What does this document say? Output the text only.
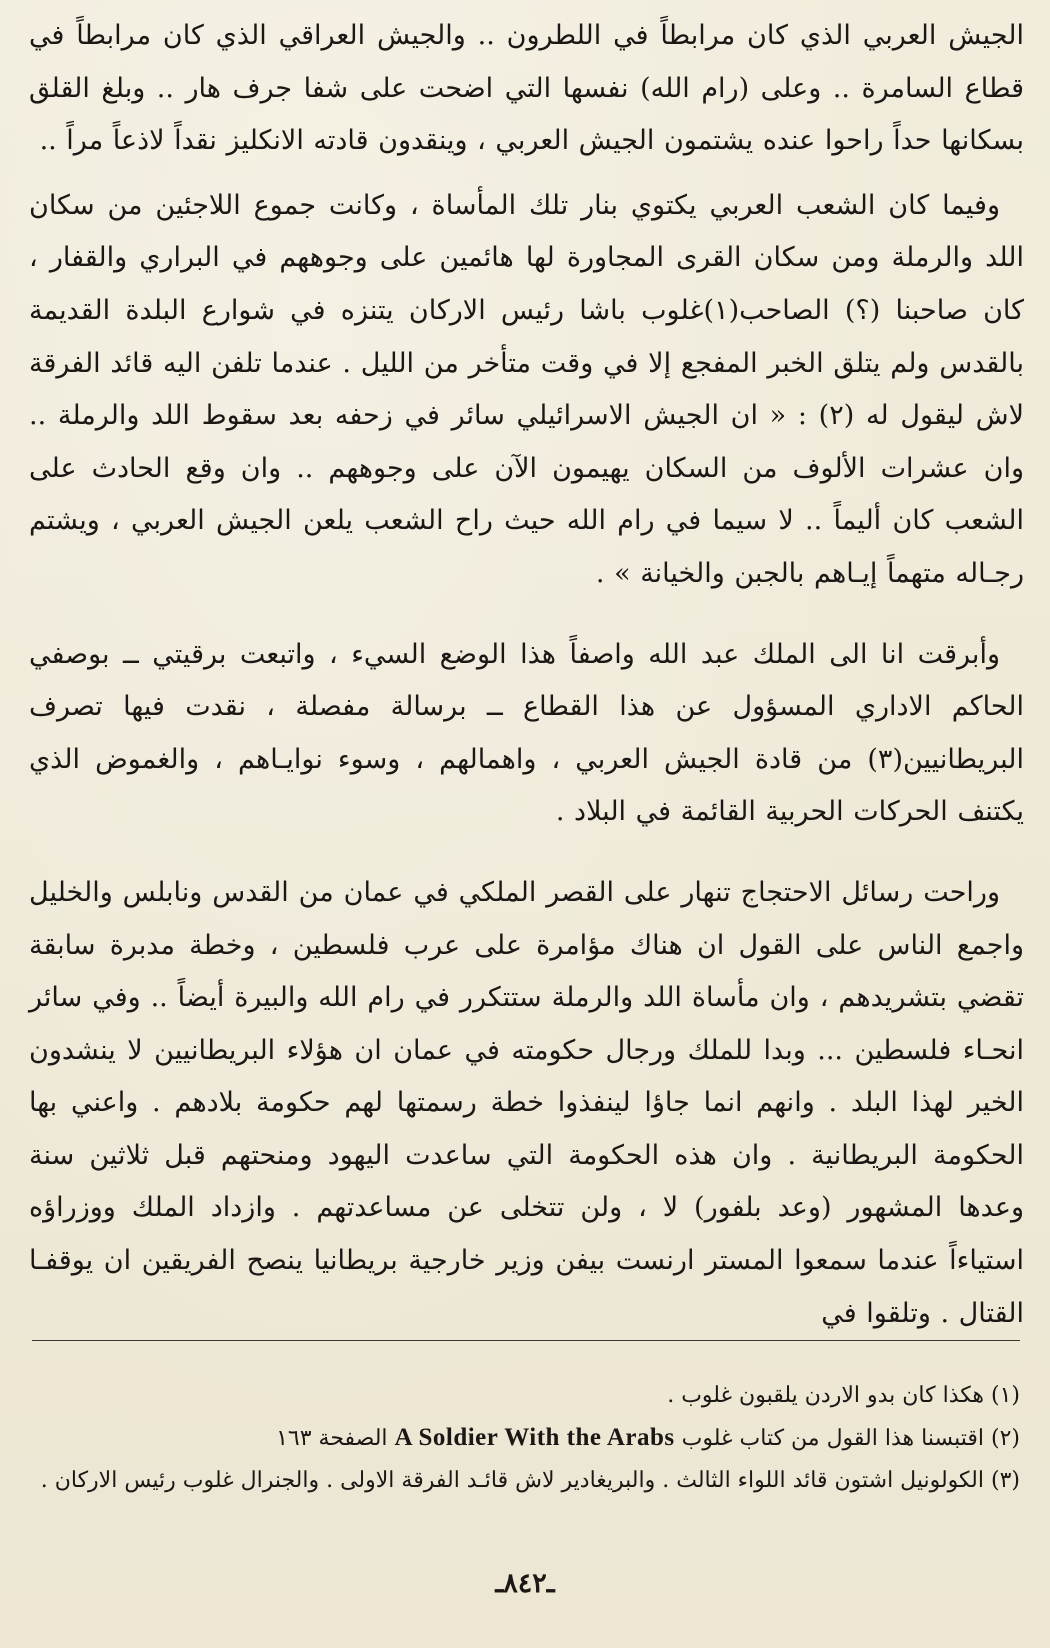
الجيش العربي الذي كان مرابطاً في اللطرون .. والجيش العراقي الذي كان مرابطاً في قطاع السامرة .. وعلى (رام الله) نفسها التي اضحت على شفا جرف هار .. وبلغ القلق بسكانها حداً راحوا عنده يشتمون الجيش العربي ، وينقدون قادته الانكليز نقداً لاذعاً مراً ..

وفيما كان الشعب العربي يكتوي بنار تلك المأساة ، وكانت جموع اللاجئين من سكان اللد والرملة ومن سكان القرى المجاورة لها هائمين على وجوههم في البراري والقفار ، كان صاحبنا (؟) الصاحب(١)غلوب باشا رئيس الاركان يتنزه في شوارع البلدة القديمة بالقدس ولم يتلق الخبر المفجع إلا في وقت متأخر من الليل . عندما تلفن اليه قائد الفرقة لاش ليقول له (٢) : « ان الجيش الاسرائيلي سائر في زحفه بعد سقوط اللد والرملة .. وان عشرات الألوف من السكان يهيمون الآن على وجوههم .. وان وقع الحادث على الشعب كان أليماً .. لا سيما في رام الله حيث راح الشعب يلعن الجيش العربي ، ويشتم رجـاله متهماً إيـاهم بالجبن والخيانة » .

وأبرقت انا الى الملك عبد الله واصفاً هذا الوضع السيء ، واتبعت برقيتي ــ بوصفي الحاكم الاداري المسؤول عن هذا القطاع ــ برسالة مفصلة ، نقدت فيها تصرف البريطانيين(٣) من قادة الجيش العربي ، واهمالهم ، وسوء نوايـاهم ، والغموض الذي يكتنف الحركات الحربية القائمة في البلاد .

وراحت رسائل الاحتجاج تنهار على القصر الملكي في عمان من القدس ونابلس والخليل واجمع الناس على القول ان هناك مؤامرة على عرب فلسطين ، وخطة مدبرة سابقة تقضي بتشريدهم ، وان مأساة اللد والرملة ستتكرر في رام الله والبيرة أيضاً .. وفي سائر انحـاء فلسطين ... وبدا للملك ورجال حكومته في عمان ان هؤلاء البريطانيين لا ينشدون الخير لهذا البلد . وانهم انما جاؤا لينفذوا خطة رسمتها لهم حكومة بلادهم . واعني بها الحكومة البريطانية . وان هذه الحكومة التي ساعدت اليهود ومنحتهم قبل ثلاثين سنة وعدها المشهور (وعد بلفور) لا ، ولن تتخلى عن مساعدتهم . وازداد الملك ووزراؤه استياءاً عندما سمعوا المستر ارنست بيفن وزير خارجية بريطانيا ينصح الفريقين ان يوقفـا القتال . وتلقوا في

(١) هكذا كان بدو الاردن يلقبون غلوب .
(٢) اقتبسنا هذا القول من كتاب غلوب A Soldier With the Arabs الصفحة ١٦٣
(٣) الكولونيل اشتون قائد اللواء الثالث . والبريغادير لاش قائـد الفرقة الاولى . والجنرال غلوب رئيس الاركان .
ـ٨٤٢ـ
